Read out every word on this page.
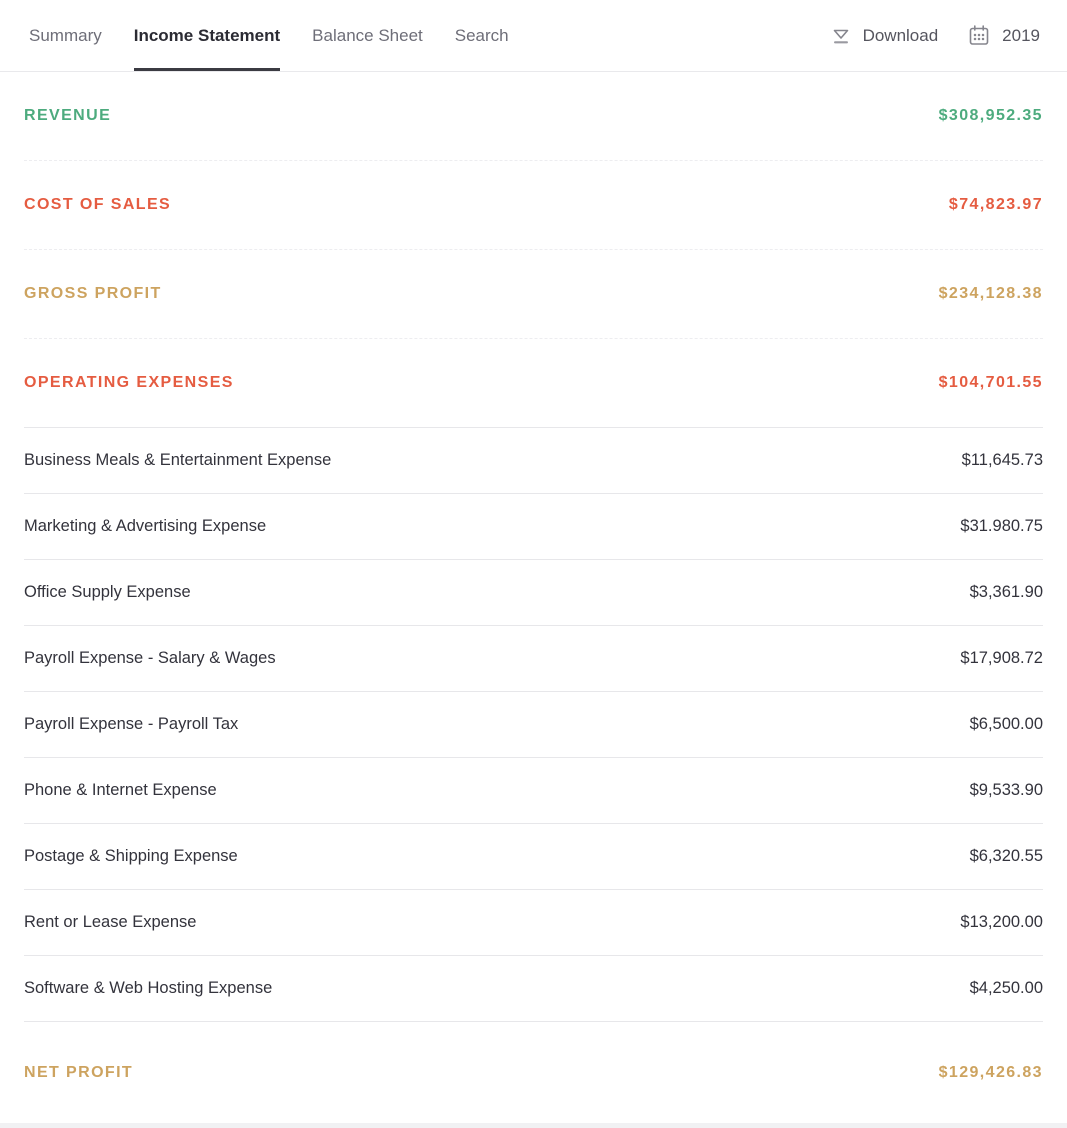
Summary Income Statement Balance Sheet Search	Download	2019
REVENUE	$308,952.35
COST OF SALES	$74,823.97
GROSS PROFIT	$234,128.38
OPERATING EXPENSES	$104,701.55
Business Meals & Entertainment Expense	$11,645.73
Marketing & Advertising Expense	$31.980.75
Office Supply Expense	$3,361.90
Payroll Expense - Salary & Wages	$17,908.72
Payroll Expense - Payroll Tax	$6,500.00
Phone & Internet Expense	$9,533.90
Postage & Shipping Expense	$6,320.55
Rent or Lease Expense	$13,200.00
Software & Web Hosting Expense	$4,250.00
NET PROFIT	$129,426.83
